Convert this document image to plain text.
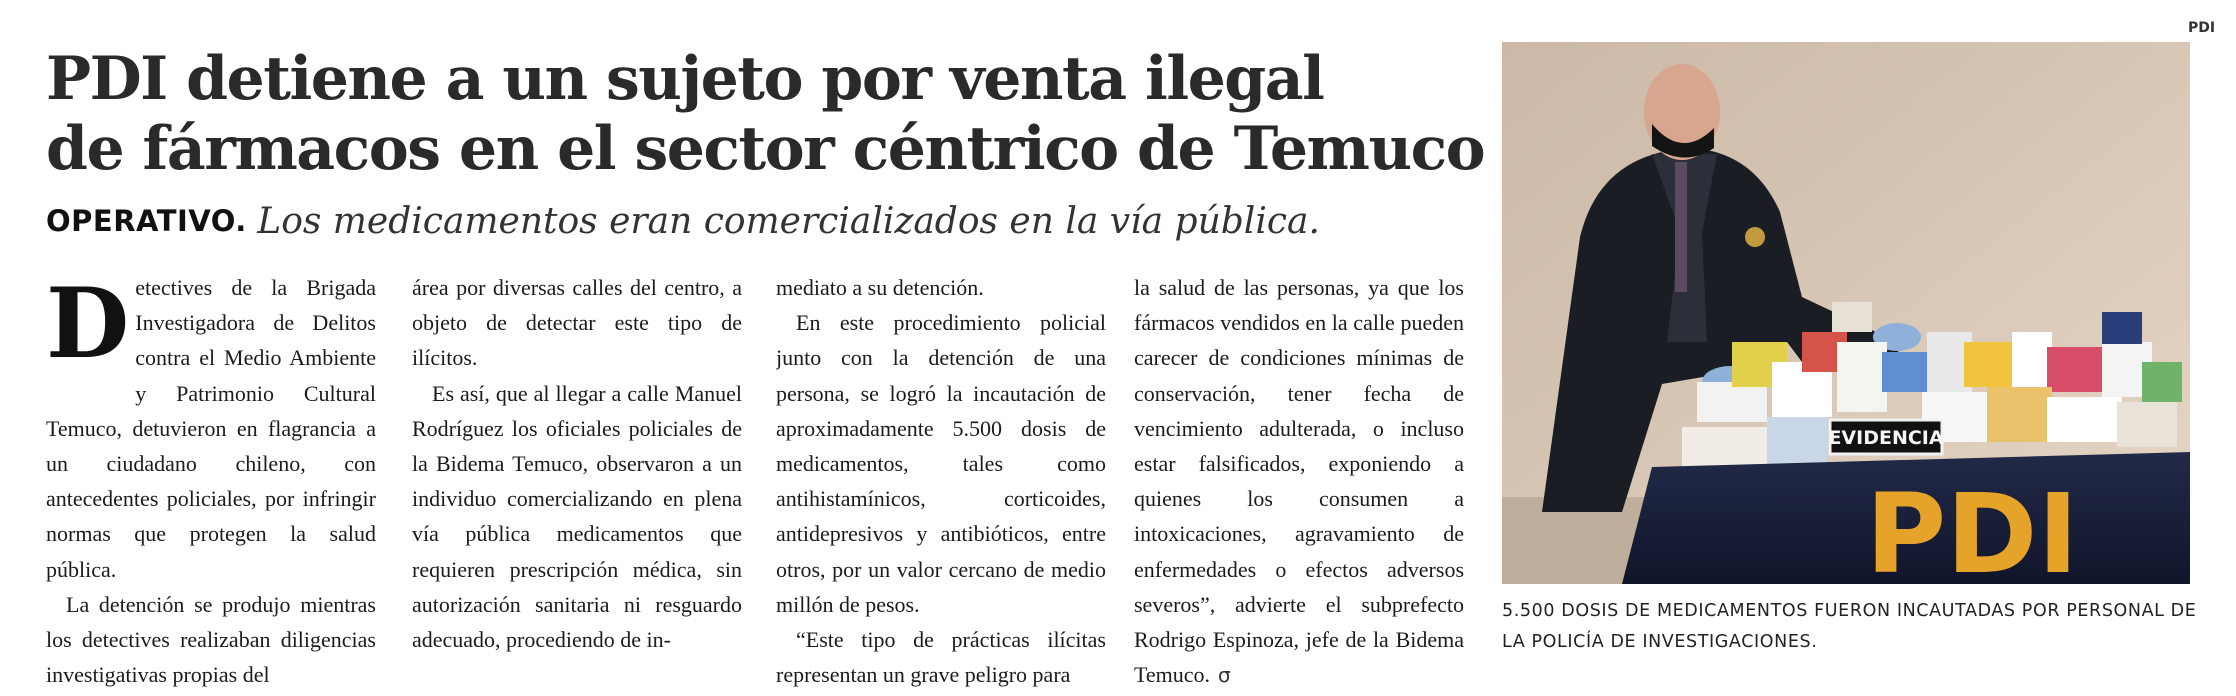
PDI detiene a un sujeto por venta ilegal
de fármacos en el sector céntrico de Temuco
OPERATIVO. Los medicamentos eran comercializados en la vía pública.

Detectives de la Brigada Investigadora de Delitos contra el Medio Ambiente y Patrimonio Cultural Temuco, detuvieron en flagrancia a un ciudadano chileno, con antecedentes policiales, por infringir normas que protegen la salud pública.

La detención se produjo mientras los detectives realizaban diligencias investigativas propias del

área por diversas calles del centro, a objeto de detectar este tipo de ilícitos.

Es así, que al llegar a calle Manuel Rodríguez los oficiales policiales de la Bidema Temuco, observaron a un individuo comercializando en plena vía pública medicamentos que requieren prescripción médica, sin autorización sanitaria ni resguardo adecuado, procediendo de in-

mediato a su detención.

En este procedimiento policial junto con la detención de una persona, se logró la incautación de aproximadamente 5.500 dosis de medicamentos, tales como antihistamínicos, corticoides, antidepresivos y antibióticos, entre otros, por un valor cercano de medio millón de pesos.

“Este tipo de prácticas ilícitas representan un grave peligro para

la salud de las personas, ya que los fármacos vendidos en la calle pueden carecer de condiciones mínimas de conservación, tener fecha de vencimiento adulterada, o incluso estar falsificados, exponiendo a quienes los consumen a intoxicaciones, agravamiento de enfermedades o efectos adversos severos”, advierte el subprefecto Rodrigo Espinoza, jefe de la Bidema Temuco. σ

PDI
EVIDENCIA
PDI
5.500 DOSIS DE MEDICAMENTOS FUERON INCAUTADAS POR PERSONAL DE LA POLICÍA DE INVESTIGACIONES.
